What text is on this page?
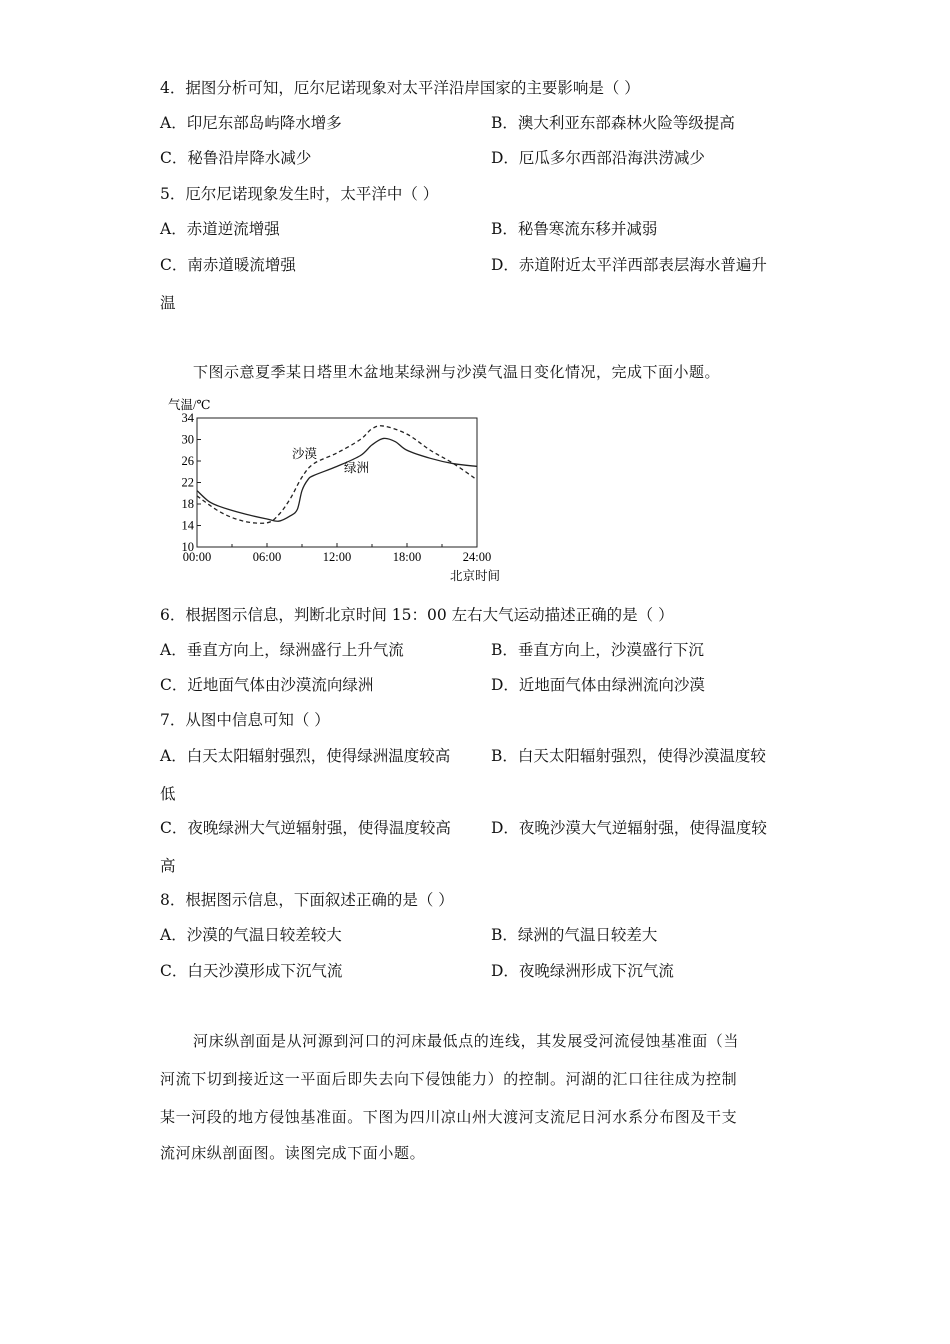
4．据图分析可知，厄尔尼诺现象对太平洋沿岸国家的主要影响是（ ）
A．印尼东部岛屿降水增多	B．澳大利亚东部森林火险等级提高
C．秘鲁沿岸降水减少	D．厄瓜多尔西部沿海洪涝减少
5．厄尔尼诺现象发生时，太平洋中（ ）
A．赤道逆流增强	B．秘鲁寒流东移并减弱
C．南赤道暖流增强	D．赤道附近太平洋西部表层海水普遍升
温
下图示意夏季某日塔里木盆地某绿洲与沙漠气温日变化情况，完成下面小题。
气温/℃
北京时间
10
14
18
22
26
30
34
00:00	06:00	12:00	18:00	24:00
沙漠
绿洲
6．根据图示信息，判断北京时间 15：00 左右大气运动描述正确的是（ ）
A．垂直方向上，绿洲盛行上升气流	B．垂直方向上，沙漠盛行下沉
C．近地面气体由沙漠流向绿洲	D．近地面气体由绿洲流向沙漠
7．从图中信息可知（ ）
A．白天太阳辐射强烈，使得绿洲温度较高	B．白天太阳辐射强烈，使得沙漠温度较
低
C．夜晚绿洲大气逆辐射强，使得温度较高	D．夜晚沙漠大气逆辐射强，使得温度较
高
8．根据图示信息，下面叙述正确的是（ ）
A．沙漠的气温日较差较大	B．绿洲的气温日较差大
C．白天沙漠形成下沉气流	D．夜晚绿洲形成下沉气流
河床纵剖面是从河源到河口的河床最低点的连线，其发展受河流侵蚀基准面（当
河流下切到接近这一平面后即失去向下侵蚀能力）的控制。河湖的汇口往往成为控制
某一河段的地方侵蚀基准面。下图为四川凉山州大渡河支流尼日河水系分布图及干支
流河床纵剖面图。读图完成下面小题。
